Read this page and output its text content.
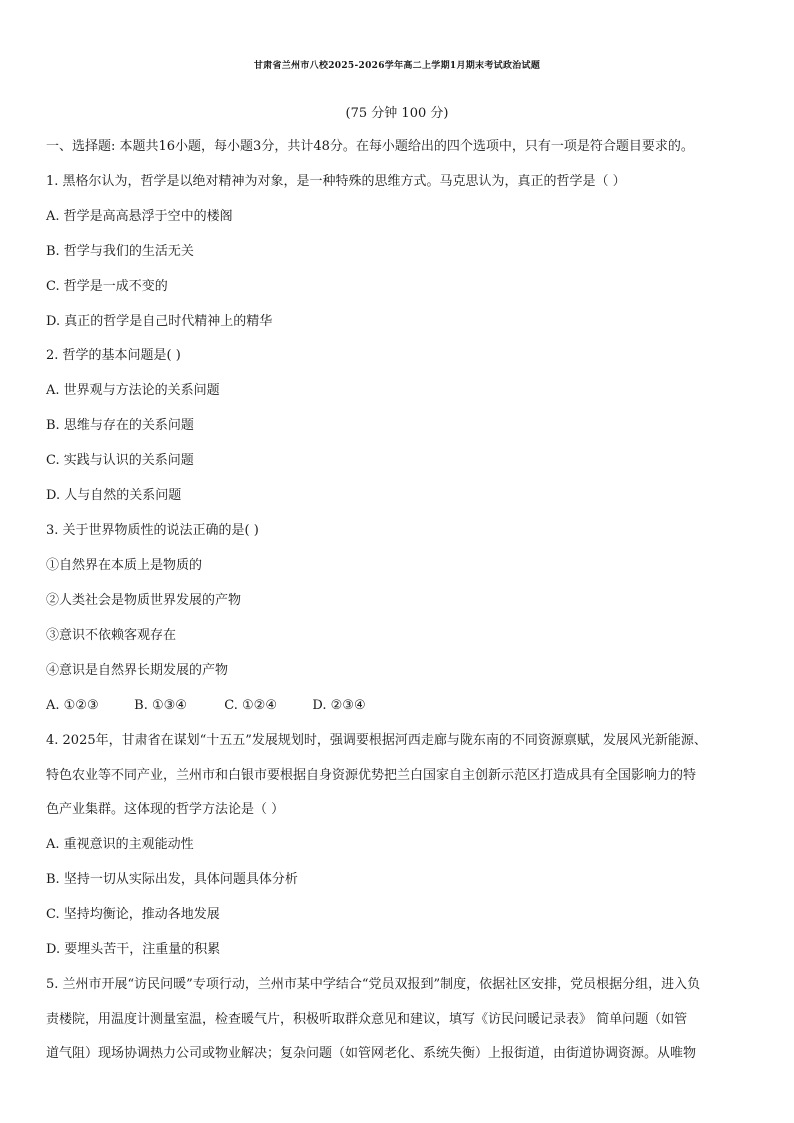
甘肃省兰州市八校2025-2026学年高二上学期1月期末考试政治试题
(75 分钟 100 分)
一、选择题: 本题共16小题，每小题3分，共计48分。在每小题给出的四个选项中，只有一项是符合题目要求的。
1. 黑格尔认为，哲学是以绝对精神为对象，是一种特殊的思维方式。马克思认为，真正的哲学是（ ）
A. 哲学是高高悬浮于空中的楼阁
B. 哲学与我们的生活无关
C. 哲学是一成不变的
D. 真正的哲学是自己时代精神上的精华
2. 哲学的基本问题是( )
A. 世界观与方法论的关系问题
B. 思维与存在的关系问题
C. 实践与认识的关系问题
D. 人与自然的关系问题
3. 关于世界物质性的说法正确的是( )
①自然界在本质上是物质的
②人类社会是物质世界发展的产物
③意识不依赖客观存在
④意识是自然界长期发展的产物
A. ①②③	B. ①③④	C. ①②④	D. ②③④
4. 2025年，甘肃省在谋划“十五五”发展规划时，强调要根据河西走廊与陇东南的不同资源禀赋，发展风光新能源、
特色农业等不同产业，兰州市和白银市要根据自身资源优势把兰白国家自主创新示范区打造成具有全国影响力的特
色产业集群。这体现的哲学方法论是（ ）
A. 重视意识的主观能动性
B. 坚持一切从实际出发，具体问题具体分析
C. 坚持均衡论，推动各地发展
D. 要埋头苦干，注重量的积累
5. 兰州市开展“访民问暖”专项行动，兰州市某中学结合“党员双报到”制度，依据社区安排，党员根据分组，进入负
责楼院，用温度计测量室温，检查暖气片，积极听取群众意见和建议，填写《访民问暖记录表》 简单问题（如管
道气阻）现场协调热力公司或物业解决；复杂问题（如管网老化、系统失衡）上报街道，由街道协调资源。从唯物
